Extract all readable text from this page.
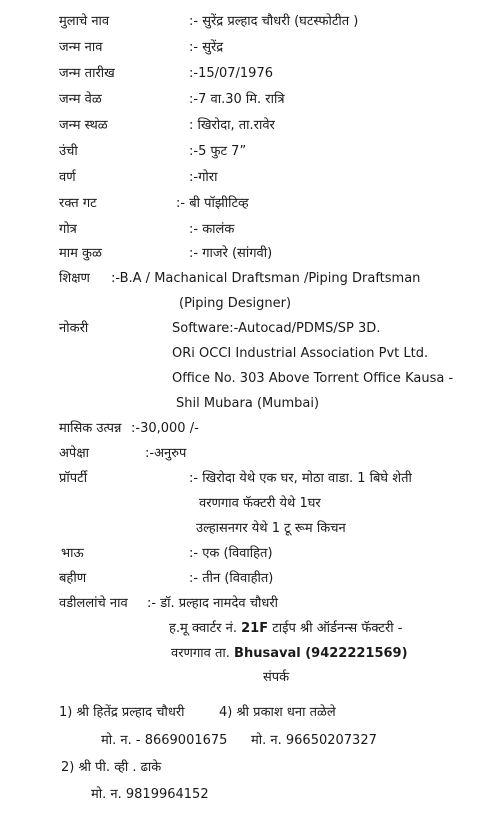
मुलाचे नाव	:- सुरेंद्र प्रल्हाद चौधरी (घटस्फोटीत )
जन्म नाव	:- सुरेंद्र
जन्म तारीख	:-15/07/1976
जन्म वेळ	:-7 वा.30 मि. रात्रि
जन्म स्थळ	: खिरोदा, ता.रावेर
उंची	:-5 फुट 7”
वर्ण	:-गोरा
रक्त गट	:- बी पॉझीटिव्ह
गोत्र	:- कालंक
माम कुळ	:- गाजरे (सांगवी)
शिक्षण :-B.A / Machanical Draftsman /Piping Draftsman
(Piping Designer)
नोकरी	Software:-Autocad/PDMS/SP 3D.
ORi OCCI Industrial Association Pvt Ltd.
Office No. 303 Above Torrent Office Kausa -
Shil Mubara (Mumbai)
मासिक उत्पन्न :-30,000 /-
अपेक्षा	:-अनुरुप
प्रॉपर्टी	:- खिरोदा येथे एक घर, मोठा वाडा. 1 बिघे शेती
वरणगाव फॅक्टरी येथे 1घर
उल्हासनगर येथे 1 टू रूम किचन
भाऊ	:- एक (विवाहित)
बहीण	:- तीन (विवाहीत)
वडीललांचे नाव :- डॉ. प्रल्हाद नामदेव चौधरी
ह.मू क्वार्टर नं. 21F टाईप श्री ऑर्डनन्स फॅक्टरी -
वरणगाव ता. Bhusaval (9422221569)
संपर्क
1) श्री हितेंद्र प्रल्हाद चौधरी	4) श्री प्रकाश धना तळेले
मो. न. - 8669001675 मो. न. 96650207327
2) श्री पी. व्ही . ढाके
मो. न. 9819964152
